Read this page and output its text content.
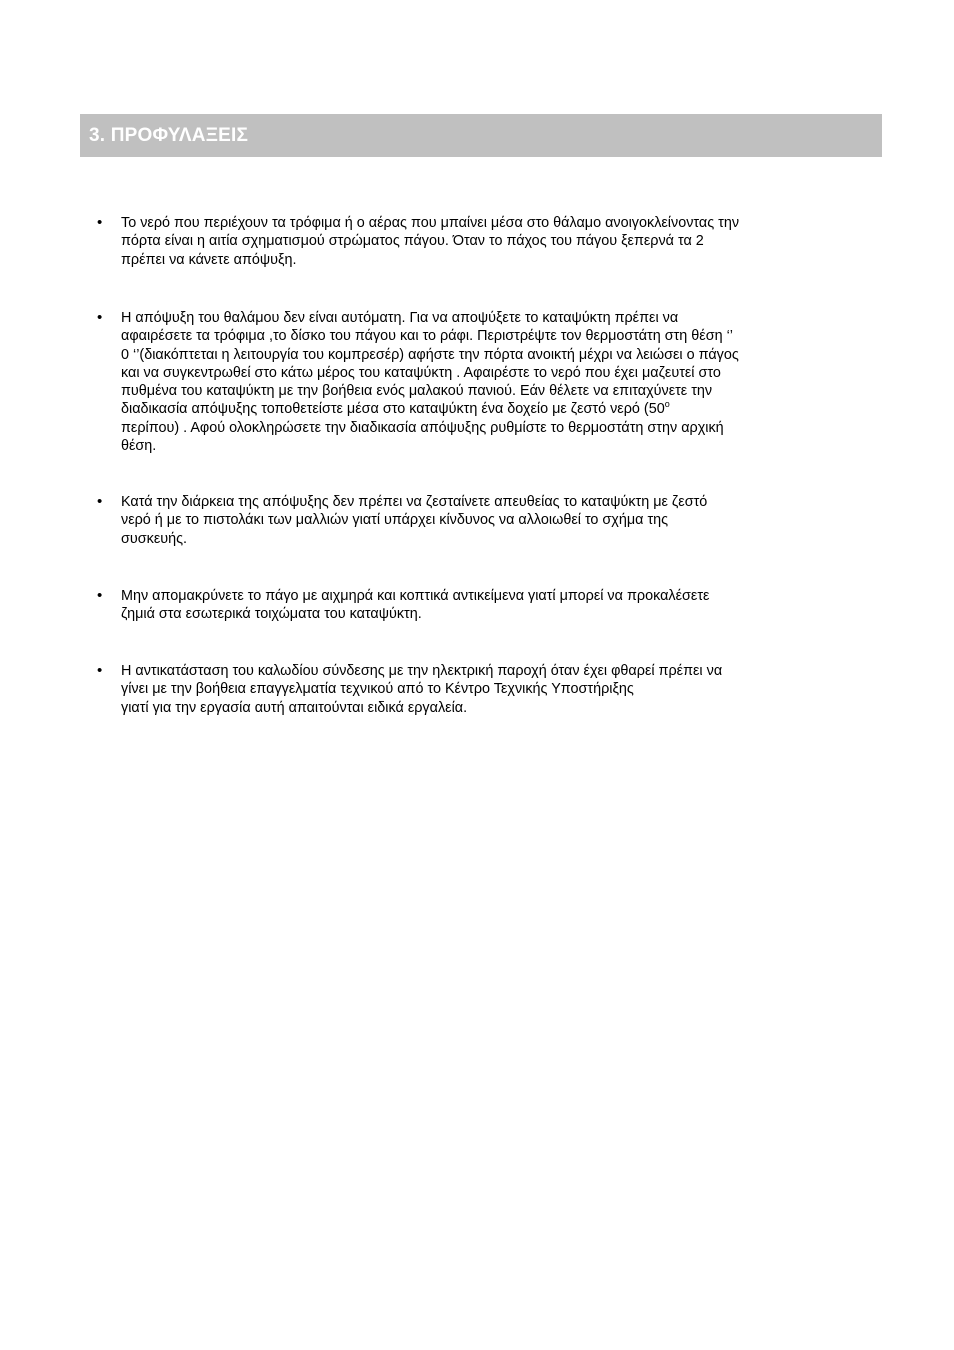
3. ΠΡΟΦΥΛΑΞΕΙΣ
• Το νερό που περιέχουν τα τρόφιμα ή ο αέρας που μπαίνει μέσα στο θάλαμο ανοιγοκλείνοντας την
πόρτα είναι η αιτία σχηματισμού στρώματος πάγου. Όταν το πάχος του πάγου ξεπερνά τα 2
πρέπει να κάνετε απόψυξη.
• Η απόψυξη του θαλάμου δεν είναι αυτόματη. Για να αποψύξετε το καταψύκτη πρέπει να
αφαιρέσετε τα τρόφιμα ,το δίσκο του πάγου και το ράφι. Περιστρέψτε τον θερμοστάτη στη θέση ‘’
0 ‘’(διακόπτεται η λειτουργία του κομπρεσέρ) αφήστε την πόρτα ανοικτή μέχρι να λειώσει ο πάγος
και να συγκεντρωθεί στο κάτω μέρος του καταψύκτη . Αφαιρέστε το νερό που έχει μαζευτεί στο
πυθμένα του καταψύκτη με την βοήθεια ενός μαλακού πανιού. Εάν θέλετε να επιταχύνετε την
διαδικασία απόψυξης τοποθετείστε μέσα στο καταψύκτη ένα δοχείο με ζεστό νερό ($50^o$
περίπου) . Αφού ολοκληρώσετε την διαδικασία απόψυξης ρυθμίστε το θερμοστάτη στην αρχική
θέση.
• Κατά την διάρκεια της απόψυξης δεν πρέπει να ζεσταίνετε απευθείας το καταψύκτη με ζεστό
νερό ή με το πιστολάκι των μαλλιών γιατί υπάρχει κίνδυνος να αλλοιωθεί το σχήμα της
συσκευής.
• Μην απομακρύνετε το πάγο με αιχμηρά και κοπτικά αντικείμενα γιατί μπορεί να προκαλέσετε
ζημιά στα εσωτερικά τοιχώματα του καταψύκτη.
• Η αντικατάσταση του καλωδίου σύνδεσης με την ηλεκτρική παροχή όταν έχει φθαρεί πρέπει να
γίνει με την βοήθεια επαγγελματία τεχνικού από το Κέντρο Τεχνικής Υποστήριξης
γιατί για την εργασία αυτή απαιτούνται ειδικά εργαλεία.
